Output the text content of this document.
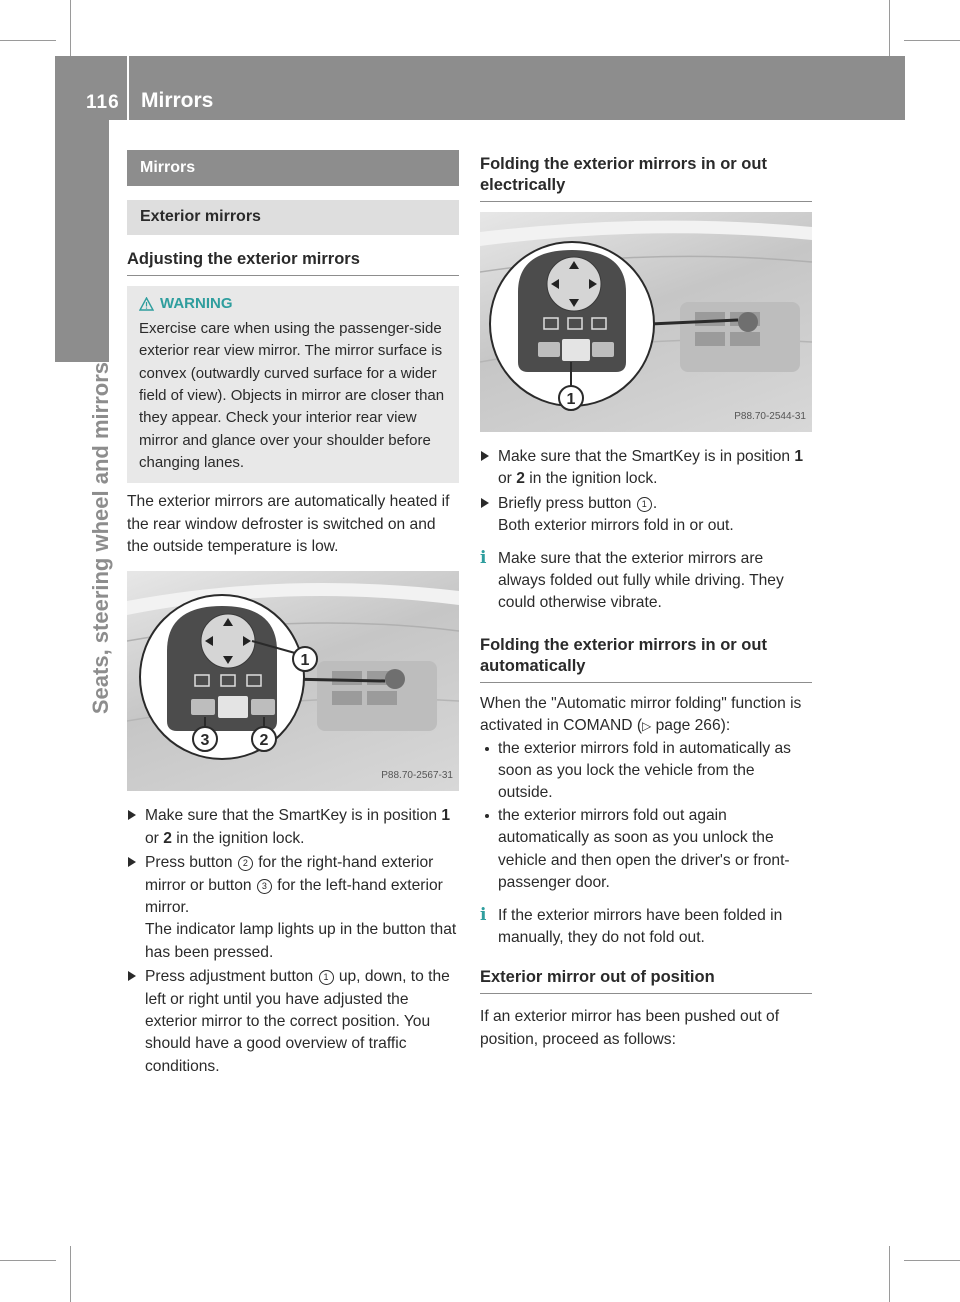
116 Mirrors
Seats, steering wheel and mirrors
Mirrors
Exterior mirrors
Adjusting the exterior mirrors
WARNING

Exercise care when using the passenger-side exterior rear view mirror. The mirror surface is convex (outwardly curved surface for a wider field of view). Objects in mirror are closer than they appear. Check your interior rear view mirror and glance over your shoulder before changing lanes.

The exterior mirrors are automatically heated if the rear window defroster is switched on and the outside temperature is low.

1
2
3
P88.70-2567-31
Make sure that the SmartKey is in position 1 or 2 in the ignition lock.
Press button 2 for the right-hand exterior mirror or button 3 for the left-hand exterior mirror.
The indicator lamp lights up in the button that has been pressed.
Press adjustment button 1 up, down, to the left or right until you have adjusted the exterior mirror to the correct position. You should have a good overview of traffic conditions.
Folding the exterior mirrors in or out electrically
1
P88.70-2544-31
Make sure that the SmartKey is in position 1 or 2 in the ignition lock.
Briefly press button 1 .
Both exterior mirrors fold in or out.
i Make sure that the exterior mirrors are always folded out fully while driving. They could otherwise vibrate.
Folding the exterior mirrors in or out automatically

When the "Automatic mirror folding" function is activated in COMAND (▷ page 266):

the exterior mirrors fold in automatically as soon as you lock the vehicle from the outside.
the exterior mirrors fold out again automatically as soon as you unlock the vehicle and then open the driver's or front-passenger door.
i If the exterior mirrors have been folded in manually, they do not fold out.
Exterior mirror out of position

If an exterior mirror has been pushed out of position, proceed as follows:
